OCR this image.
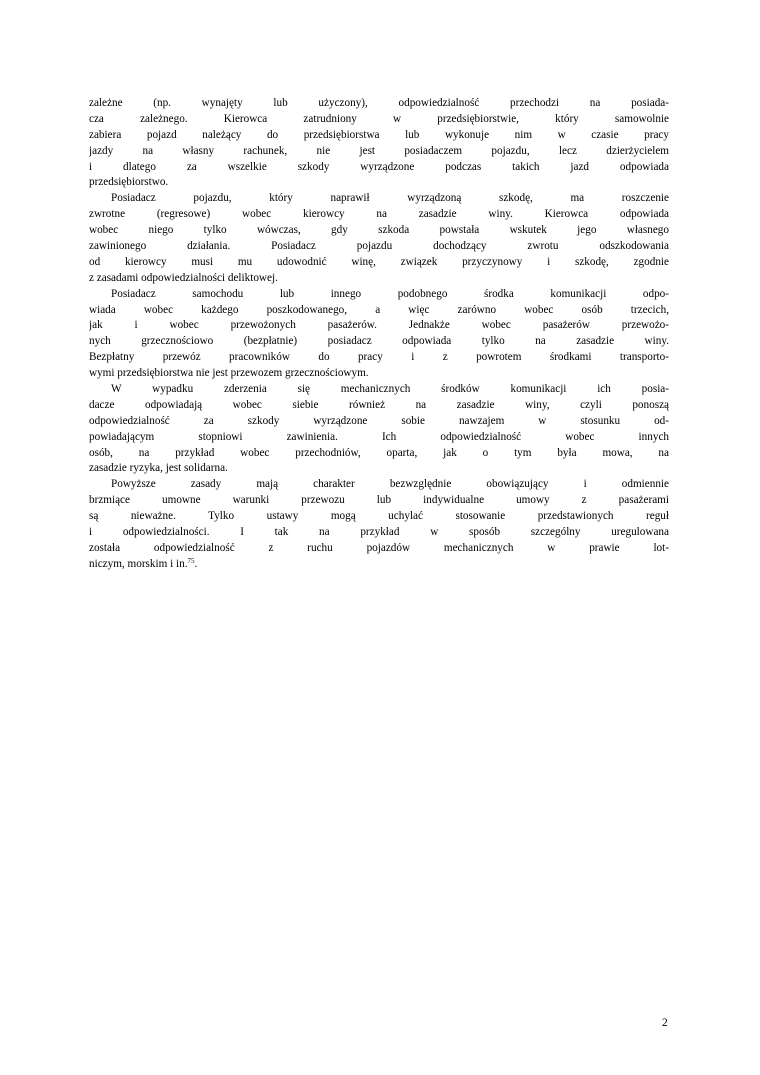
zależne (np. wynajęty lub użyczony), odpowiedzialność przechodzi na posiada-
cza zależnego. Kierowca zatrudniony w przedsiębiorstwie, który samowolnie
zabiera pojazd należący do przedsiębiorstwa lub wykonuje nim w czasie pracy
jazdy na własny rachunek, nie jest posiadaczem pojazdu, lecz dzierżycielem
i dlatego za wszelkie szkody wyrządzone podczas takich jazd odpowiada
przedsiębiorstwo.
Posiadacz pojazdu, który naprawił wyrządzoną szkodę, ma roszczenie
zwrotne (regresowe) wobec kierowcy na zasadzie winy. Kierowca odpowiada
wobec niego tylko wówczas, gdy szkoda powstała wskutek jego własnego
zawinionego działania. Posiadacz pojazdu dochodzący zwrotu odszkodowania
od kierowcy musi mu udowodnić winę, związek przyczynowy i szkodę, zgodnie
z zasadami odpowiedzialności deliktowej.
Posiadacz samochodu lub innego podobnego środka komunikacji odpo-
wiada wobec każdego poszkodowanego, a więc zarówno wobec osób trzecich,
jak i wobec przewożonych pasażerów. Jednakże wobec pasażerów przewożo-
nych grzecznościowo (bezpłatnie) posiadacz odpowiada tylko na zasadzie winy.
Bezpłatny przewóz pracowników do pracy i z powrotem środkami transporto-
wymi przedsiębiorstwa nie jest przewozem grzecznościowym.
W wypadku zderzenia się mechanicznych środków komunikacji ich posia-
dacze odpowiadają wobec siebie również na zasadzie winy, czyli ponoszą
odpowiedzialność za szkody wyrządzone sobie nawzajem w stosunku od-
powiadającym stopniowi zawinienia. Ich odpowiedzialność wobec innych
osób, na przykład wobec przechodniów, oparta, jak o tym była mowa, na
zasadzie ryzyka, jest solidarna.
Powyższe zasady mają charakter bezwzględnie obowiązujący i odmiennie
brzmiące umowne warunki przewozu lub indywidualne umowy z pasażerami
są nieważne. Tylko ustawy mogą uchylać stosowanie przedstawionych reguł
i odpowiedzialności. I tak na przykład w sposób szczególny uregulowana
została odpowiedzialność z ruchu pojazdów mechanicznych w prawie lot-
niczym, morskim i in.$^{75}$.
2
